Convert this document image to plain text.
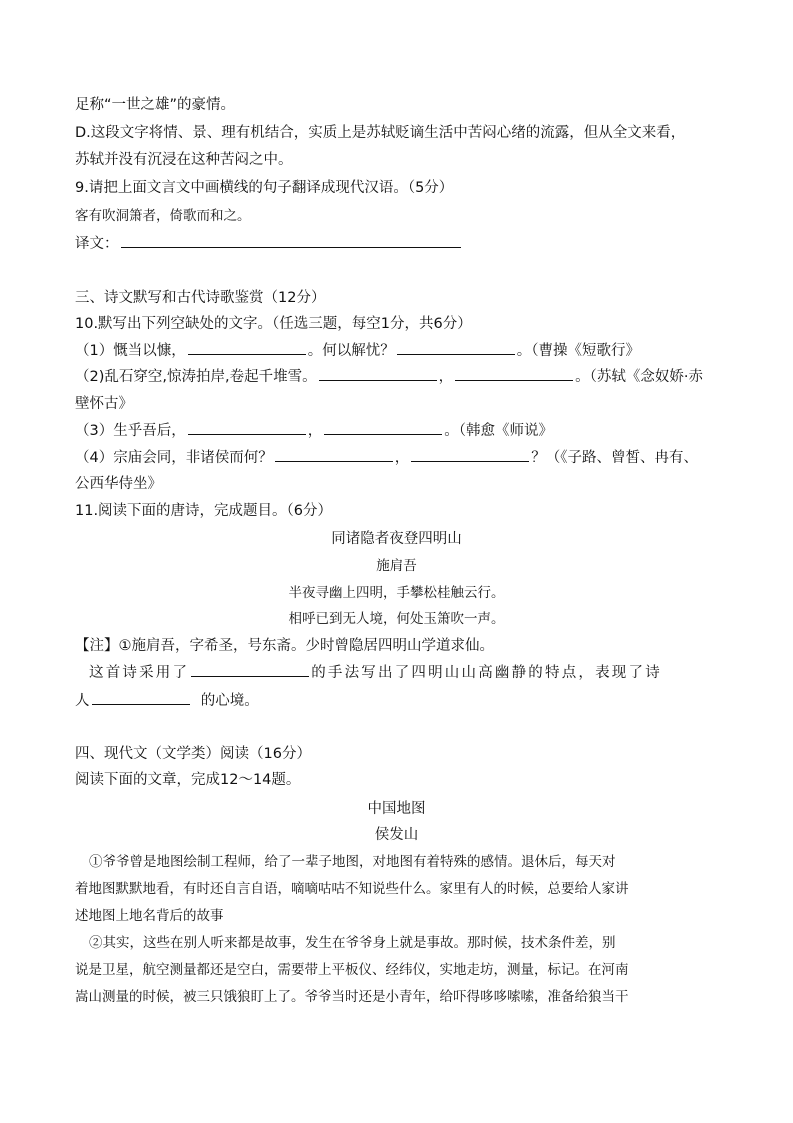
足称“一世之雄”的豪情。
D.这段文字将情、景、理有机结合，实质上是苏轼贬谪生活中苦闷心绪的流露，但从全文来看，
苏轼并没有沉浸在这种苦闷之中。
9.请把上面文言文中画横线的句子翻译成现代汉语。（5分）
客有吹洞箫者，倚歌而和之。
译文：
三、诗文默写和古代诗歌鉴赏（12分）
10.默写出下列空缺处的文字。（任选三题，每空1分，共6分）
（1）慨当以慷，	。何以解忧？	。（曹操《短歌行》
（2)乱石穿空,惊涛拍岸,卷起千堆雪。	，	。（苏轼《念奴娇·赤
壁怀古》
（3）生乎吾后，	，	。（韩愈《师说》
（4）宗庙会同，非诸侯而何？	，	？（《子路、曾皙、冉有、
公西华侍坐》
11.阅读下面的唐诗，完成题目。（6分）
同诸隐者夜登四明山
施肩吾
半夜寻幽上四明，手攀松桂触云行。
相呼已到无人境，何处玉箫吹一声。
【注】①施肩吾，字希圣，号东斋。少时曾隐居四明山学道求仙。
这首诗采用了	的手法写出了四明山山高幽静的特点，表现了诗
人	的心境。
四、现代文（文学类）阅读（16分）
阅读下面的文章，完成12～14题。
中国地图
侯发山
①爷爷曾是地图绘制工程师，给了一辈子地图，对地图有着特殊的感情。退休后，每天对
着地图默默地看，有时还自言自语，嘀嘀咕咕不知说些什么。家里有人的时候，总要给人家讲
述地图上地名背后的故事
②其实，这些在别人听来都是故事，发生在爷爷身上就是事故。那时候，技术条件差，别
说是卫星，航空测量都还是空白，需要带上平板仪、经纬仪，实地走坊，测量，标记。在河南
嵩山测量的时候，被三只饿狼盯上了。爷爷当时还是小青年，给吓得哆哆嗦嗦，准备给狼当干
